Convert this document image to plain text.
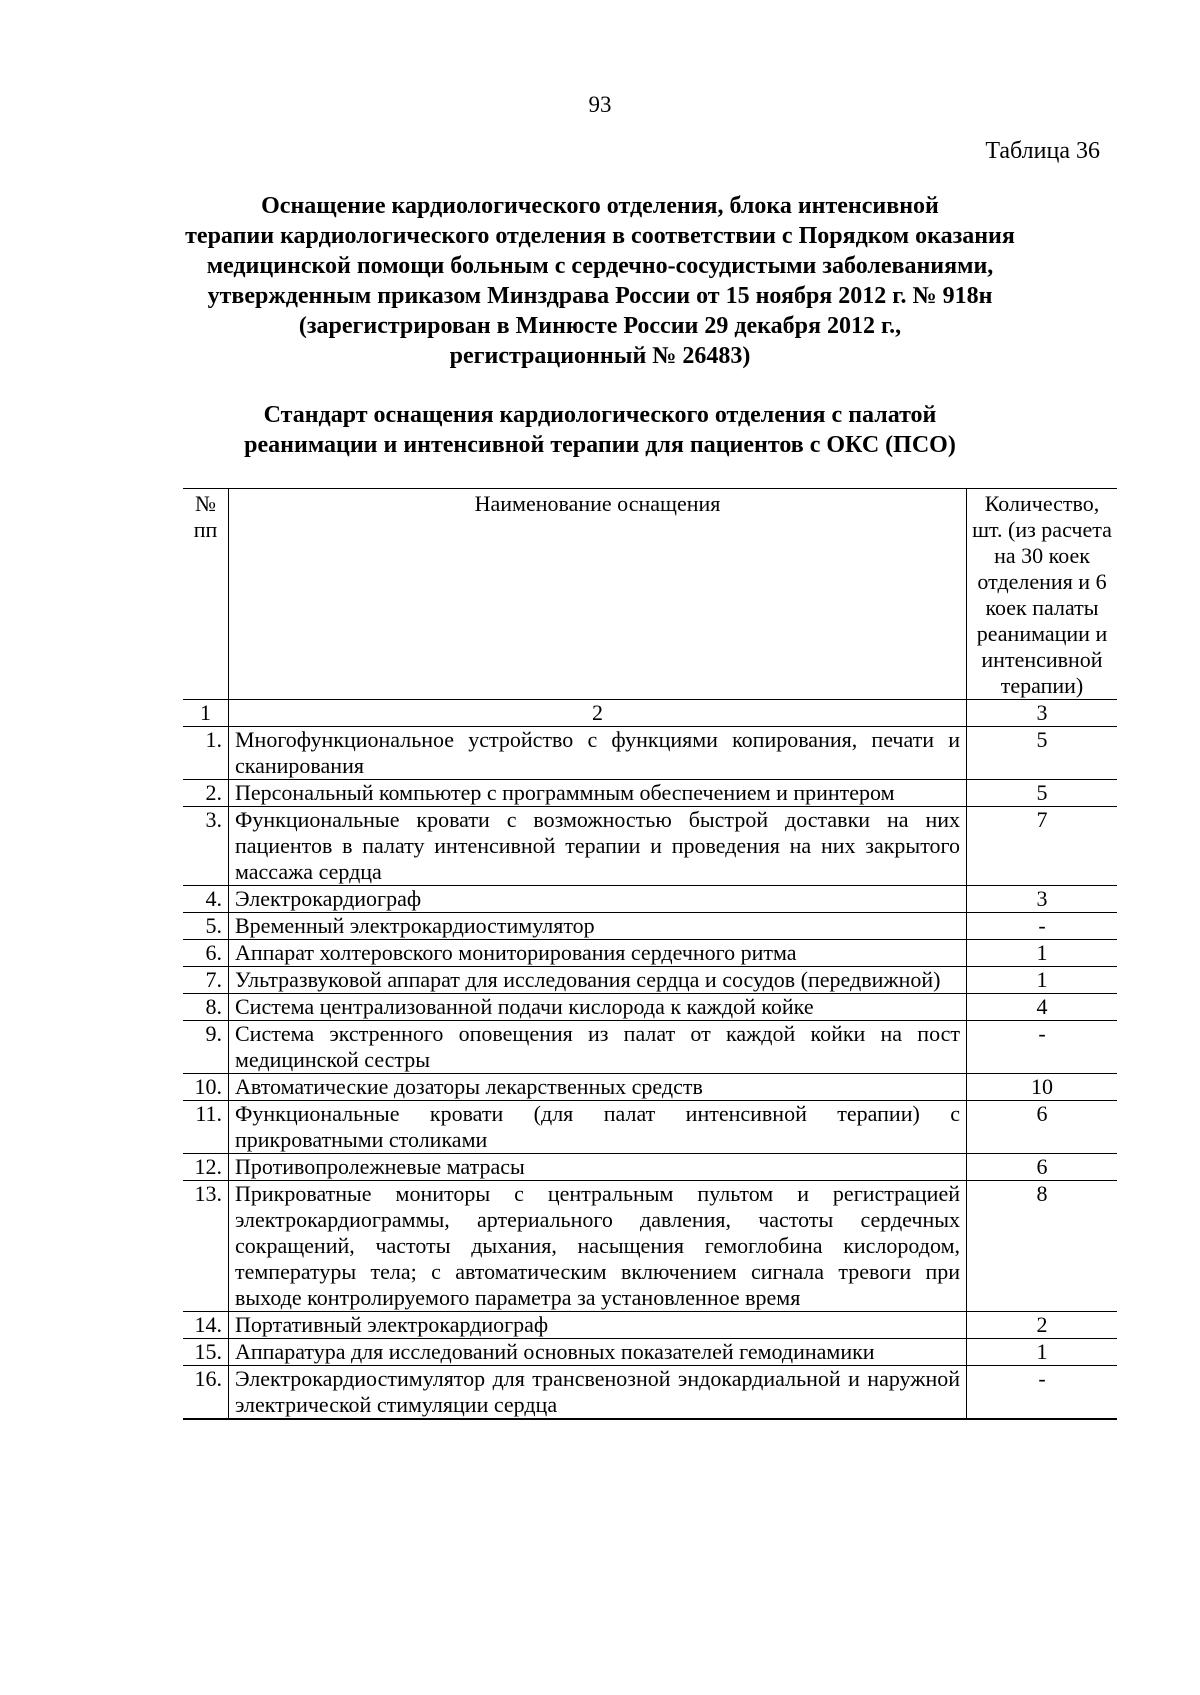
93
Таблица 36
Оснащение кардиологического отделения, блока интенсивной
терапии кардиологического отделения в соответствии с Порядком оказания
медицинской помощи больным с сердечно-сосудистыми заболеваниями,
утвержденным приказом Минздрава России от 15 ноября 2012 г. № 918н
(зарегистрирован в Минюсте России 29 декабря 2012 г.,
регистрационный № 26483)
Стандарт оснащения кардиологического отделения с палатой
реанимации и интенсивной терапии для пациентов с ОКС (ПСО)
№ пп	Наименование оснащения	Количество, шт. (из расчета на 30 коек отделения и 6 коек палаты реанимации и интенсивной терапии)
1	2	3
1.	Многофункциональное устройство с функциями копирования, печати и сканирования	5
2.	Персональный компьютер с программным обеспечением и принтером	5
3.	Функциональные кровати с возможностью быстрой доставки на них пациентов в палату интенсивной терапии и проведения на них закрытого массажа сердца	7
4.	Электрокардиограф	3
5.	Временный электрокардиостимулятор	-
6.	Аппарат холтеровского мониторирования сердечного ритма	1
7.	Ультразвуковой аппарат для исследования сердца и сосудов (передвижной)	1
8.	Система централизованной подачи кислорода к каждой койке	4
9.	Система экстренного оповещения из палат от каждой койки на пост медицинской сестры	-
10.	Автоматические дозаторы лекарственных средств	10
11.	Функциональные кровати (для палат интенсивной терапии) с прикроватными столиками	6
12.	Противопролежневые матрасы	6
13.	Прикроватные мониторы с центральным пультом и регистрацией электрокардиограммы, артериального давления, частоты сердечных сокращений, частоты дыхания, насыщения гемоглобина кислородом, температуры тела; с автоматическим включением сигнала тревоги при выходе контролируемого параметра за установленное время	8
14.	Портативный электрокардиограф	2
15.	Аппаратура для исследований основных показателей гемодинамики	1
16.	Электрокардиостимулятор для трансвенозной эндокардиальной и наружной электрической стимуляции сердца	-
